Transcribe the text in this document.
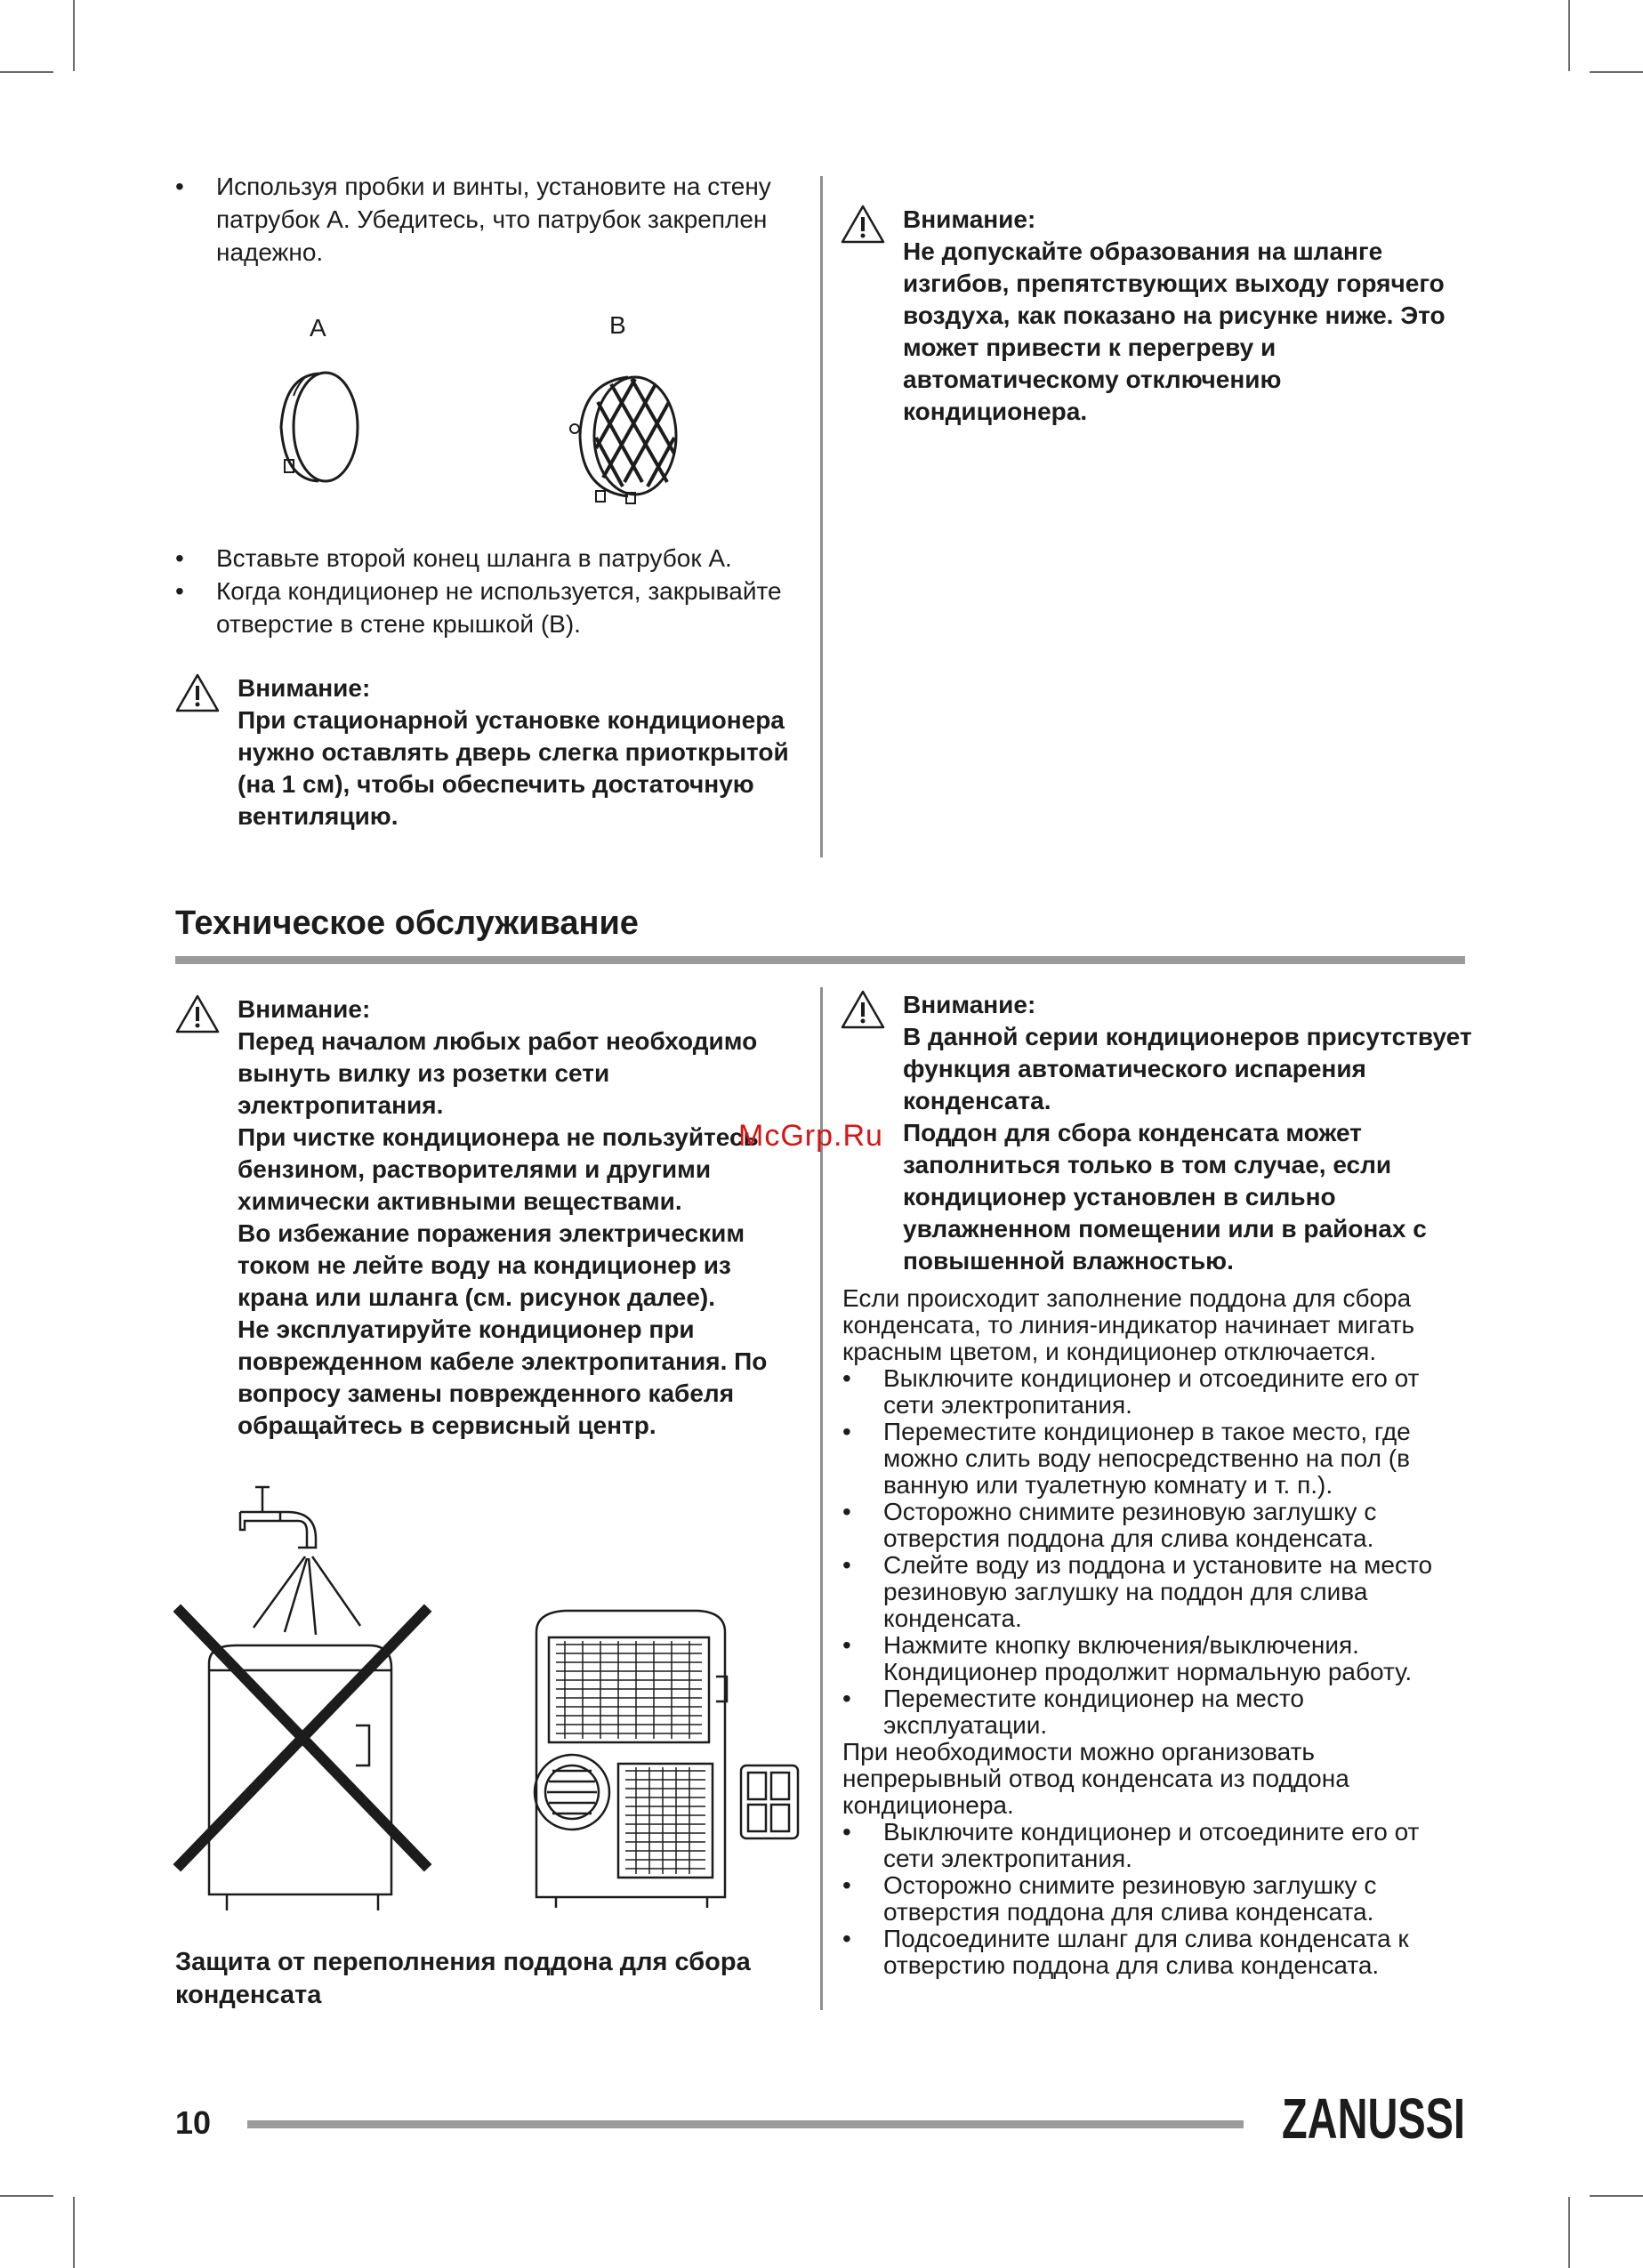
• Используя пробки и винты, установите на стену патрубок A. Убедитесь, что патрубок закреплен надежно.
A	B
• Вставьте второй конец шланга в патрубок A.
• Когда кондиционер не используется, закрывайте отверстие в стене крышкой (B).

Внимание:

При стационарной установке кондиционера нужно оставлять дверь слегка приоткрытой (на 1 см), чтобы обеспечить достаточную вентиляцию.

Внимание:

Не допускайте образования на шланге изгибов, препятствующих выходу горячего воздуха, как показано на рисунке ниже. Это может привести к перегреву и автоматическому отключению кондиционера.

Техническое обслуживание

Внимание:

Перед началом любых работ необходимо вынуть вилку из розетки сети электропитания.

При чистке кондиционера не пользуйтесь бензином, растворителями и другими химически активными веществами.

Во избежание поражения электрическим током не лейте воду на кондиционер из крана или шланга (см. рисунок далее).

Не эксплуатируйте кондиционер при поврежденном кабеле электропитания. По вопросу замены поврежденного кабеля обращайтесь в сервисный центр.

Защита от переполнения поддона для сбора конденсата

Внимание:

В данной серии кондиционеров присутствует функция автоматического испарения конденсата.

Поддон для сбора конденсата может заполниться только в том случае, если кондиционер установлен в сильно увлажненном помещении или в районах с повышенной влажностью.

Если происходит заполнение поддона для сбора конденсата, то линия-индикатор начинает мигать красным цветом, и кондиционер отключается.
• Выключите кондиционер и отсоедините его от сети электропитания.
• Переместите кондиционер в такое место, где можно слить воду непосредственно на пол (в ванную или туалетную комнату и т. п.).
• Осторожно снимите резиновую заглушку с отверстия поддона для слива конденсата.
• Слейте воду из поддона и установите на место резиновую заглушку на поддон для слива конденсата.
• Нажмите кнопку включения/выключения. Кондиционер продолжит нормальную работу.
• Переместите кондиционер на место эксплуатации.
При необходимости можно организовать непрерывный отвод конденсата из поддона кондиционера.
• Выключите кондиционер и отсоедините его от сети электропитания.
• Осторожно снимите резиновую заглушку с отверстия поддона для слива конденсата.
• Подсоедините шланг для слива конденсата к отверстию поддона для слива конденсата.
McGrp.Ru
10	ZANUSSI
